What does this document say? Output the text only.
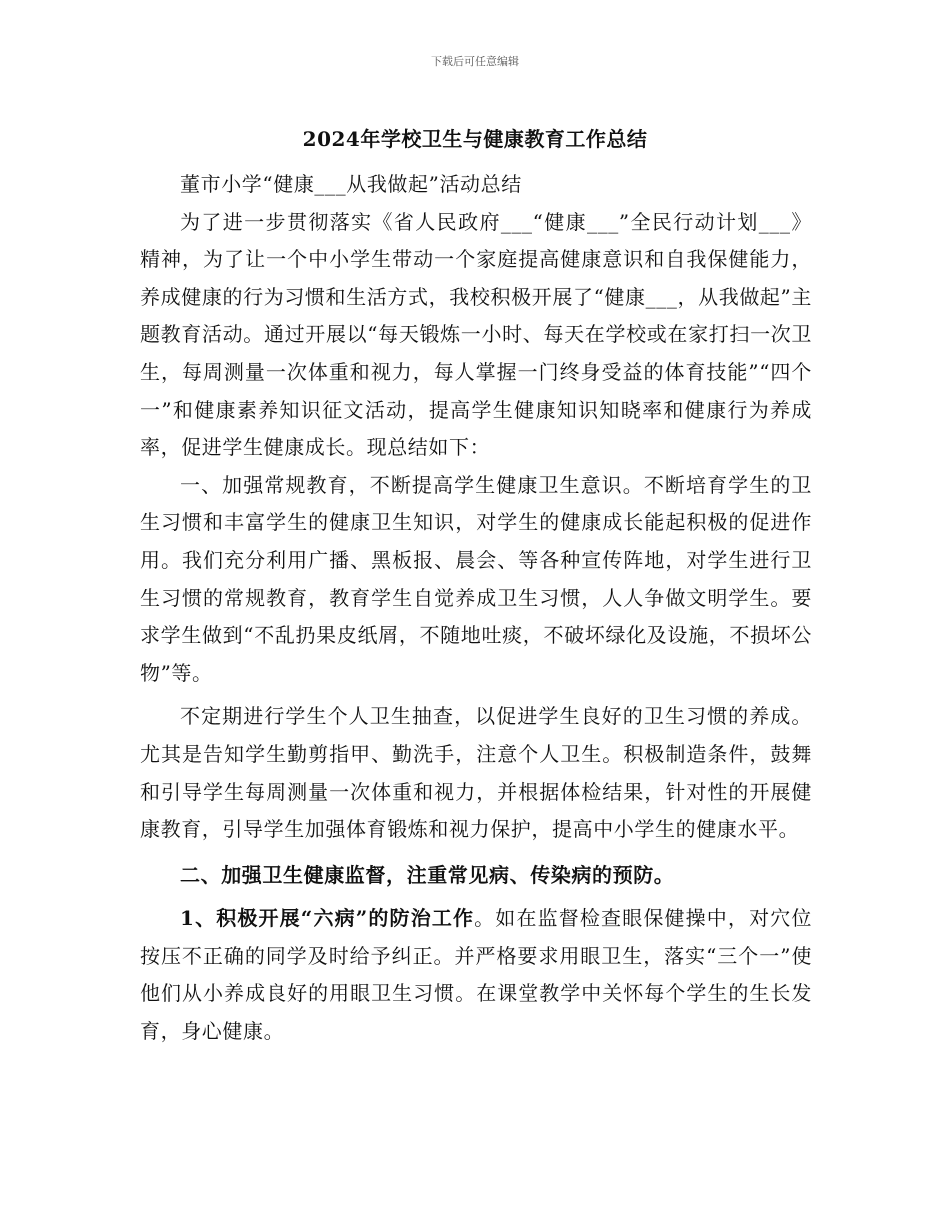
下载后可任意编辑
2024年学校卫生与健康教育工作总结

董市小学“健康___从我做起”活动总结

为了进一步贯彻落实《省人民政府___“健康___”全民行动计划___》精神，为了让一个中小学生带动一个家庭提高健康意识和自我保健能力，养成健康的行为习惯和生活方式，我校积极开展了“健康___，从我做起”主题教育活动。通过开展以“每天锻炼一小时、每天在学校或在家打扫一次卫生，每周测量一次体重和视力，每人掌握一门终身受益的体育技能”“四个一”和健康素养知识征文活动，提高学生健康知识知晓率和健康行为养成率，促进学生健康成长。现总结如下：

一、加强常规教育，不断提高学生健康卫生意识。不断培育学生的卫生习惯和丰富学生的健康卫生知识，对学生的健康成长能起积极的促进作用。我们充分利用广播、黑板报、晨会、等各种宣传阵地，对学生进行卫生习惯的常规教育，教育学生自觉养成卫生习惯，人人争做文明学生。要求学生做到“不乱扔果皮纸屑，不随地吐痰，不破坏绿化及设施，不损坏公物”等。

不定期进行学生个人卫生抽查，以促进学生良好的卫生习惯的养成。尤其是告知学生勤剪指甲、勤洗手，注意个人卫生。积极制造条件，鼓舞和引导学生每周测量一次体重和视力，并根据体检结果，针对性的开展健康教育，引导学生加强体育锻炼和视力保护，提高中小学生的健康水平。

二、加强卫生健康监督，注重常见病、传染病的预防。

1、积极开展“六病”的防治工作。如在监督检查眼保健操中，对穴位按压不正确的同学及时给予纠正。并严格要求用眼卫生，落实“三个一”使他们从小养成良好的用眼卫生习惯。在课堂教学中关怀每个学生的生长发育，身心健康。
